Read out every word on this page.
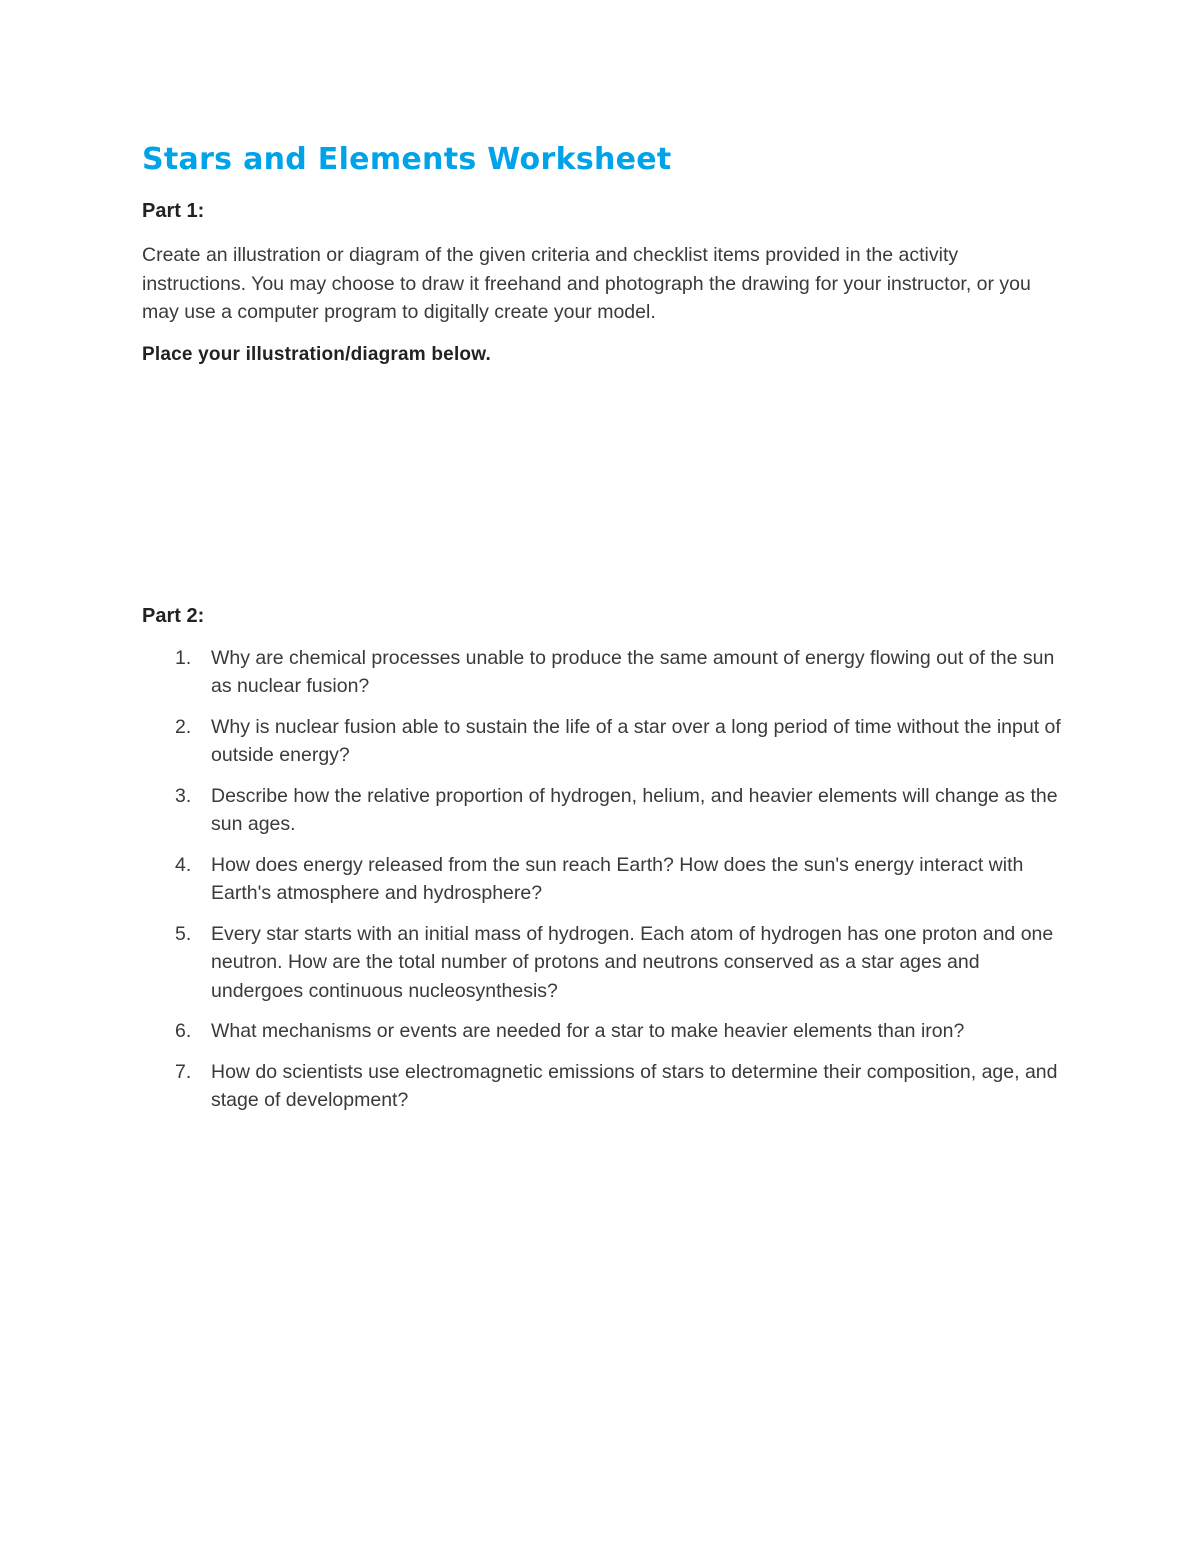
Stars and Elements Worksheet

Part 1:

Create an illustration or diagram of the given criteria and checklist items provided in the activity instructions. You may choose to draw it freehand and photograph the drawing for your instructor, or you may use a computer program to digitally create your model.

Place your illustration/diagram below.

Part 2:

1.	Why are chemical processes unable to produce the same amount of energy flowing out of the sun as nuclear fusion?
2.	Why is nuclear fusion able to sustain the life of a star over a long period of time without the input of outside energy?
3.	Describe how the relative proportion of hydrogen, helium, and heavier elements will change as the sun ages.
4.	How does energy released from the sun reach Earth? How does the sun's energy interact with Earth's atmosphere and hydrosphere?
5.	Every star starts with an initial mass of hydrogen. Each atom of hydrogen has one proton and one neutron. How are the total number of protons and neutrons conserved as a star ages and undergoes continuous nucleosynthesis?
6.	What mechanisms or events are needed for a star to make heavier elements than iron?
7.	How do scientists use electromagnetic emissions of stars to determine their composition, age, and stage of development?
